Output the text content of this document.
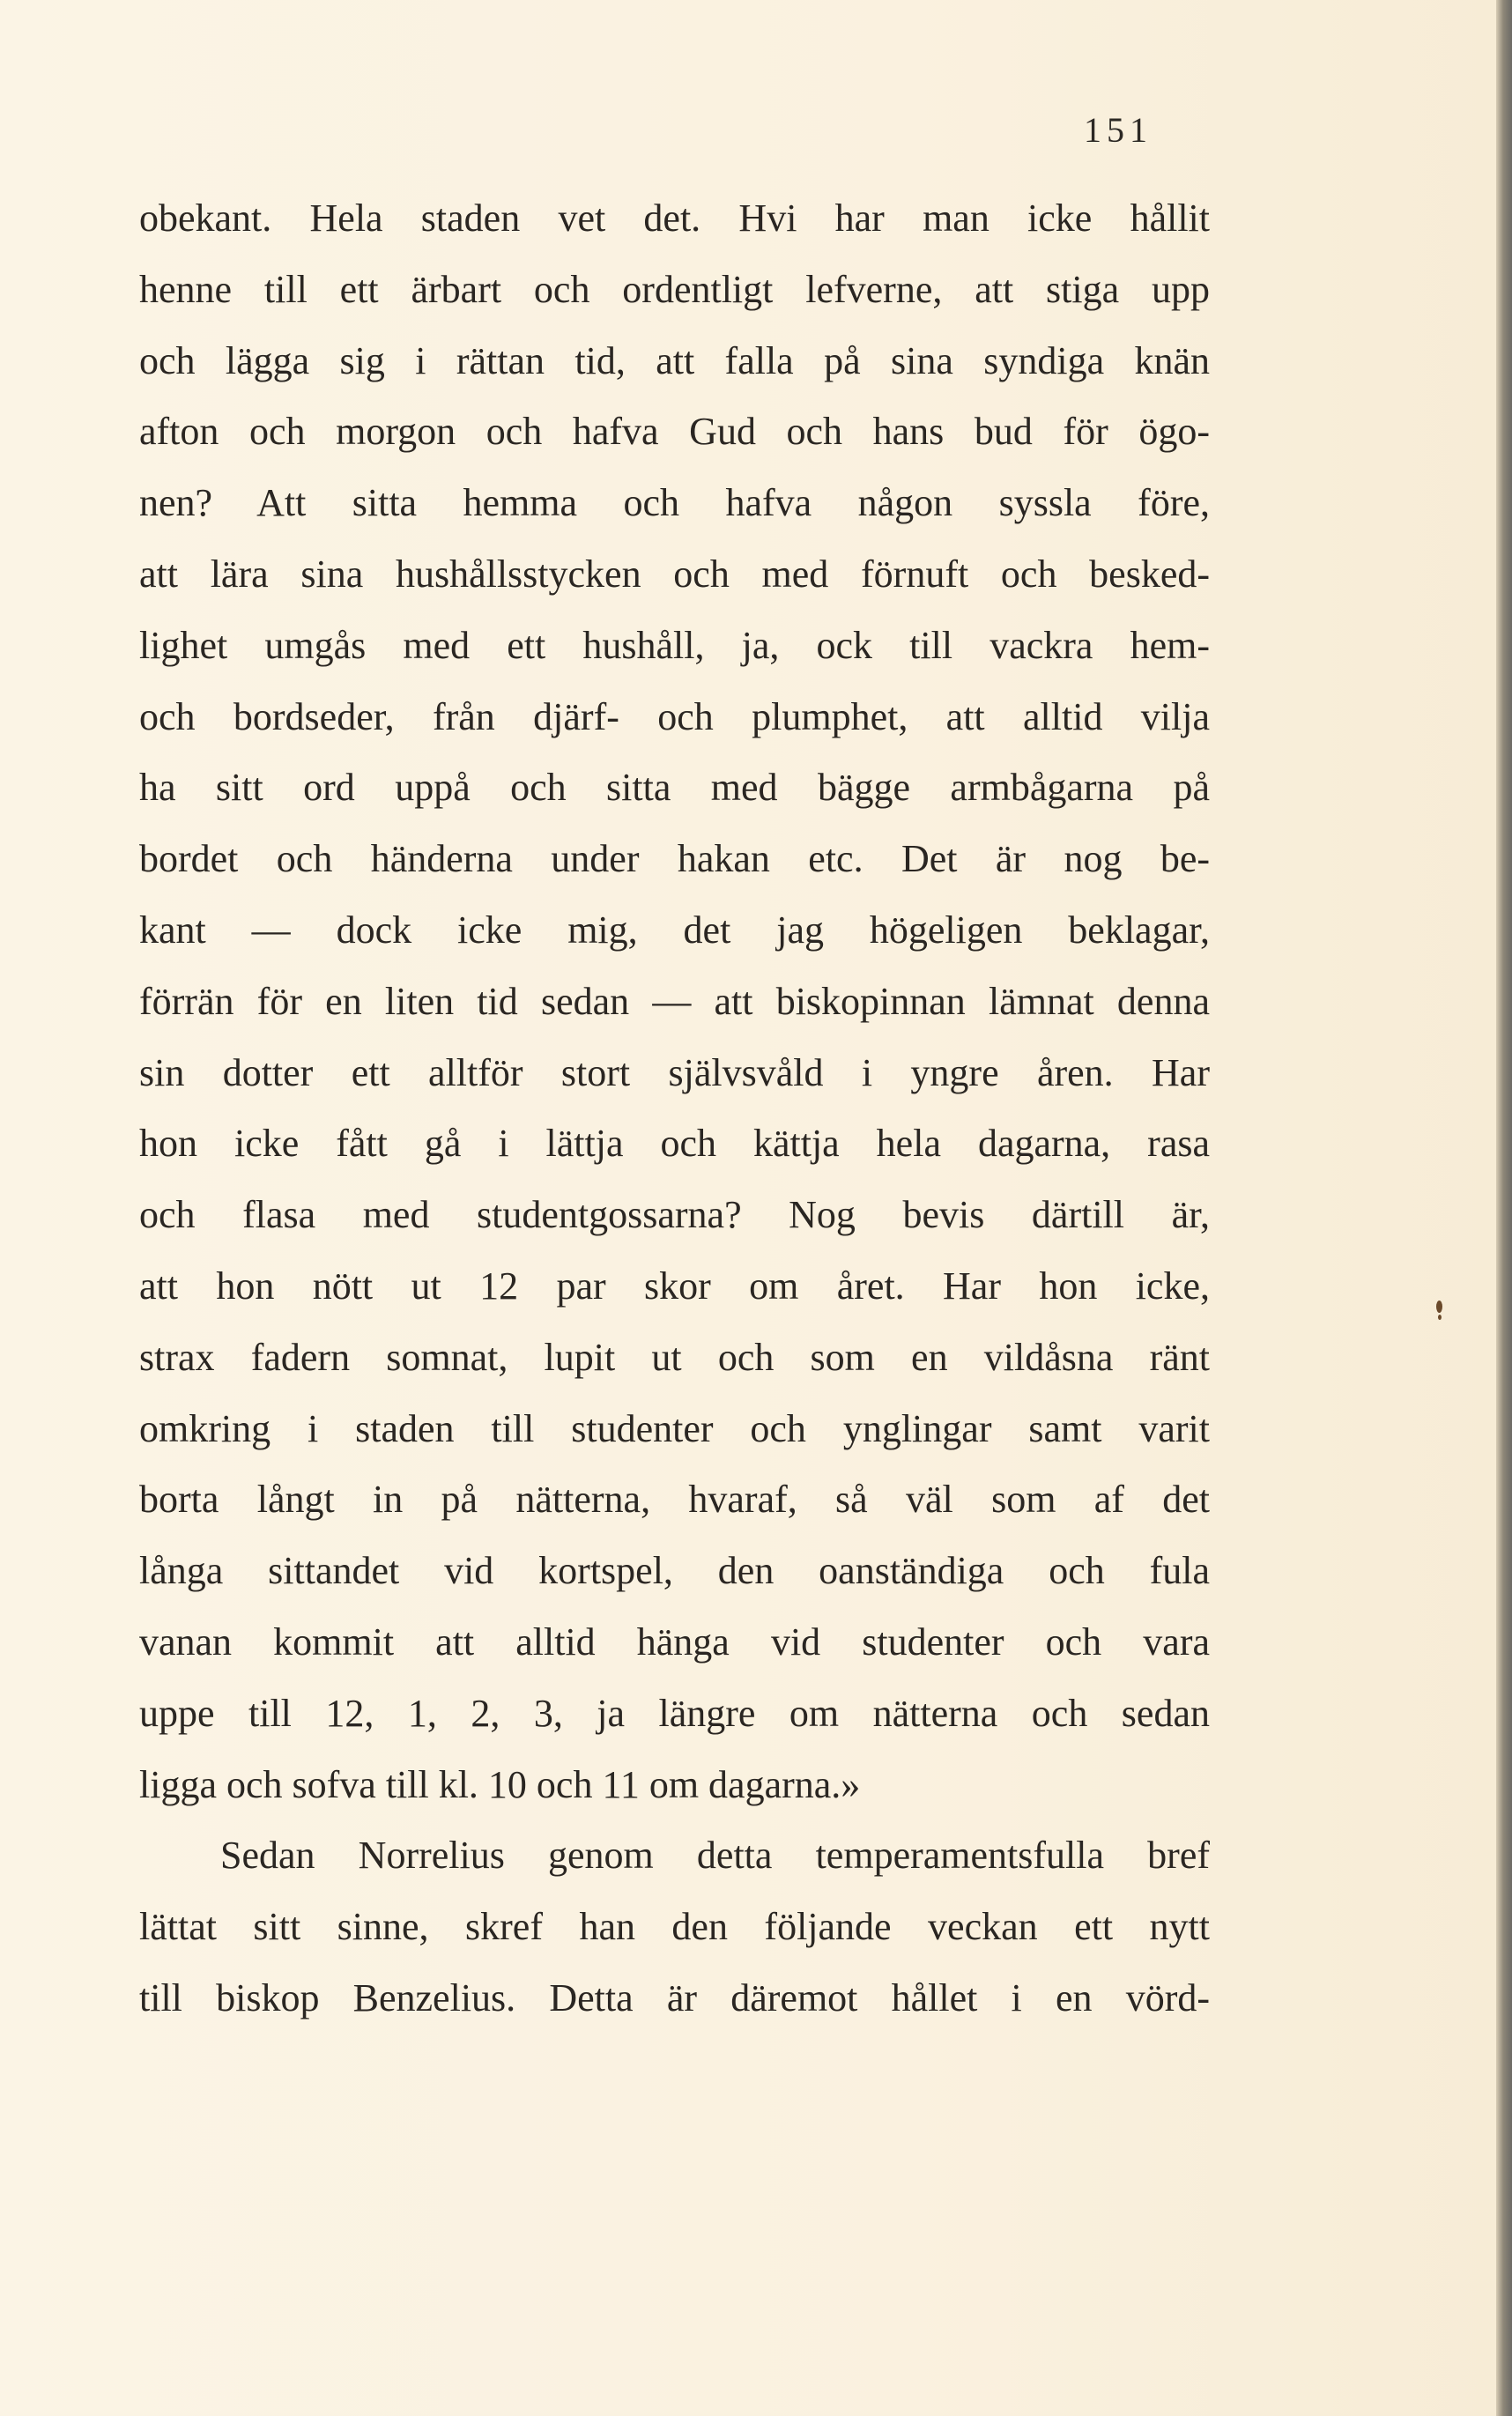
151
obekant. Hela staden vet det. Hvi har man icke hållit
henne till ett ärbart och ordentligt lefverne, att stiga upp
och lägga sig i rättan tid, att falla på sina syndiga knän
afton och morgon och hafva Gud och hans bud för ögo-
nen? Att sitta hemma och hafva någon syssla före,
att lära sina hushållsstycken och med förnuft och besked-
lighet umgås med ett hushåll, ja, ock till vackra hem-
och bordseder, från djärf- och plumphet, att alltid vilja
ha sitt ord uppå och sitta med bägge armbågarna på
bordet och händerna under hakan etc. Det är nog be-
kant — dock icke mig, det jag högeligen beklagar,
förrän för en liten tid sedan — att biskopinnan lämnat denna
sin dotter ett alltför stort självsvåld i yngre åren. Har
hon icke fått gå i lättja och kättja hela dagarna, rasa
och flasa med studentgossarna? Nog bevis därtill är,
att hon nött ut 12 par skor om året. Har hon icke,
strax fadern somnat, lupit ut och som en vildåsna ränt
omkring i staden till studenter och ynglingar samt varit
borta långt in på nätterna, hvaraf, så väl som af det
långa sittandet vid kortspel, den oanständiga och fula
vanan kommit att alltid hänga vid studenter och vara
uppe till 12, 1, 2, 3, ja längre om nätterna och sedan
ligga och sofva till kl. 10 och 11 om dagarna.»
Sedan Norrelius genom detta temperamentsfulla bref
lättat sitt sinne, skref han den följande veckan ett nytt
till biskop Benzelius. Detta är däremot hållet i en vörd-
